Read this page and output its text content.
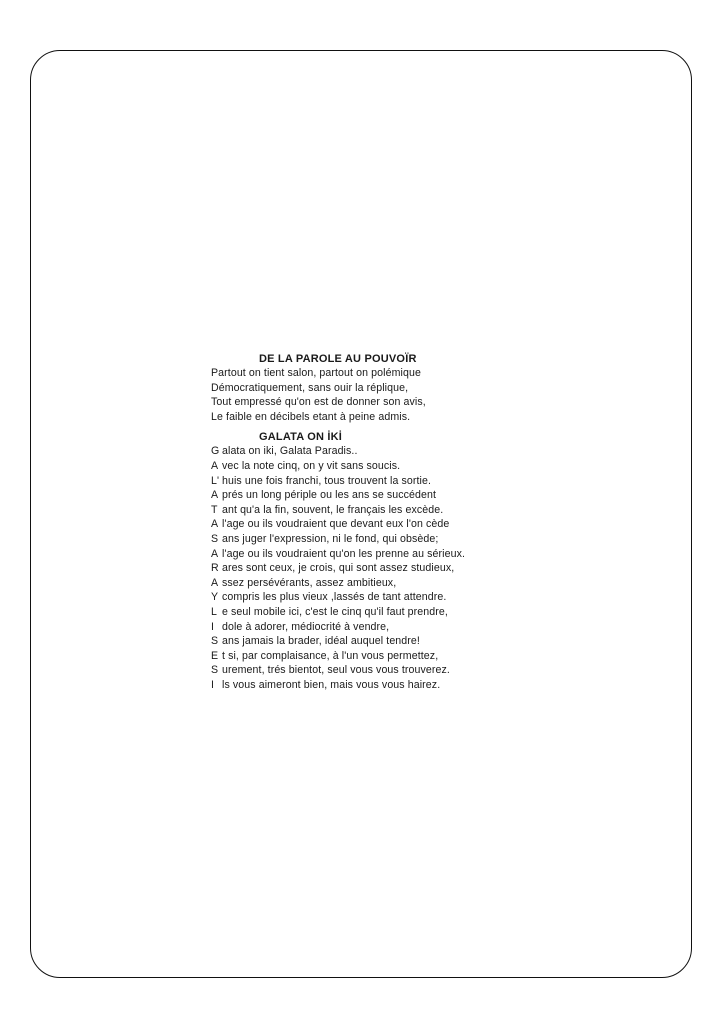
DE LA PAROLE AU POUVOÏR

Partout on tient salon, partout on polémique

Démocratiquement, sans ouir la réplique,

Tout empressé qu'on est de donner son avis,

Le faible en décibels etant à peine admis.

GALATA ON İKİ

G alata on iki, Galata Paradis..

A vec la note cinq, on y vit sans soucis.

L' huis une fois franchi, tous trouvent la sortie.

A prés un long périple ou les ans se succédent

T ant qu'a la fin, souvent, le français les excède.

A l'age ou ils voudraient que devant eux l'on cède

S ans juger l'expression, ni le fond, qui obsède;

A l'age ou ils voudraient qu'on les prenne au sérieux.

R ares sont ceux, je crois, qui sont assez studieux,

A ssez persévérants, assez ambitieux,

Y compris les plus vieux ,lassés de tant attendre.

L e seul mobile ici, c'est le cinq qu'il faut prendre,

I dole à adorer, médiocrité à vendre,

S ans jamais la brader, idéal auquel tendre!

E t si, par complaisance, à l'un vous permettez,

S urement, trés bientot, seul vous vous trouverez.

I ls vous aimeront bien, mais vous vous hairez.
